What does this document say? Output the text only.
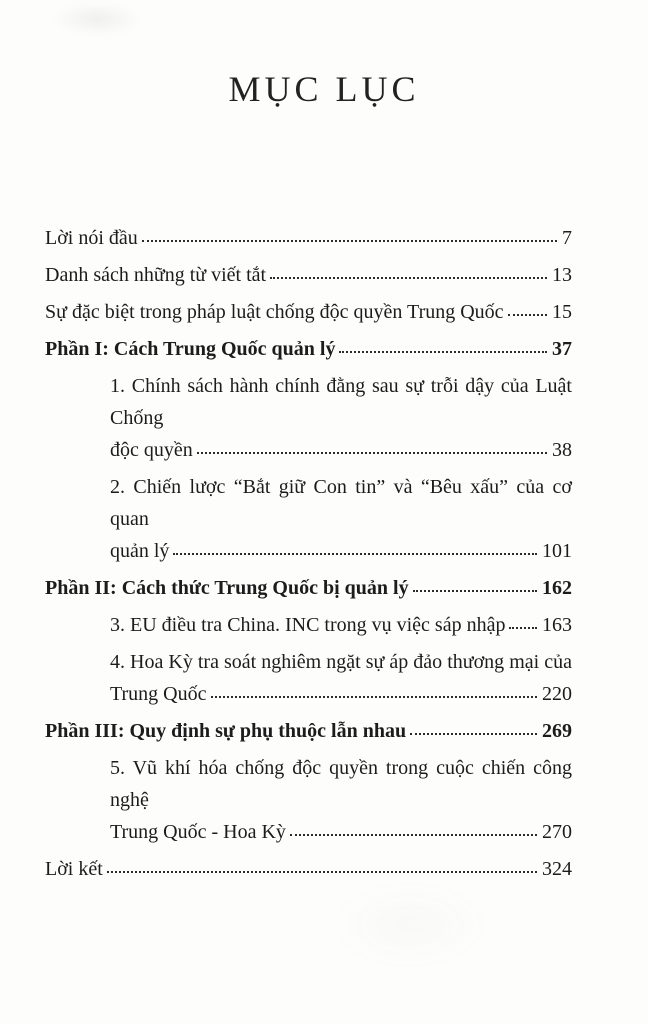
MỤC LỤC
Lời nói đầu	7
Danh sách những từ viết tắt	13
Sự đặc biệt trong pháp luật chống độc quyền Trung Quốc 15
Phần I: Cách Trung Quốc quản lý	37
1. Chính sách hành chính đằng sau sự trỗi dậy của Luật Chống
độc quyền	38
2. Chiến lược “Bắt giữ Con tin” và “Bêu xấu” của cơ quan
quản lý	101
Phần II: Cách thức Trung Quốc bị quản lý	162
3. EU điều tra China. INC trong vụ việc sáp nhập 163
4. Hoa Kỳ tra soát nghiêm ngặt sự áp đảo thương mại của
Trung Quốc	220
Phần III: Quy định sự phụ thuộc lẫn nhau	269
5. Vũ khí hóa chống độc quyền trong cuộc chiến công nghệ
Trung Quốc - Hoa Kỳ	270
Lời kết	324
